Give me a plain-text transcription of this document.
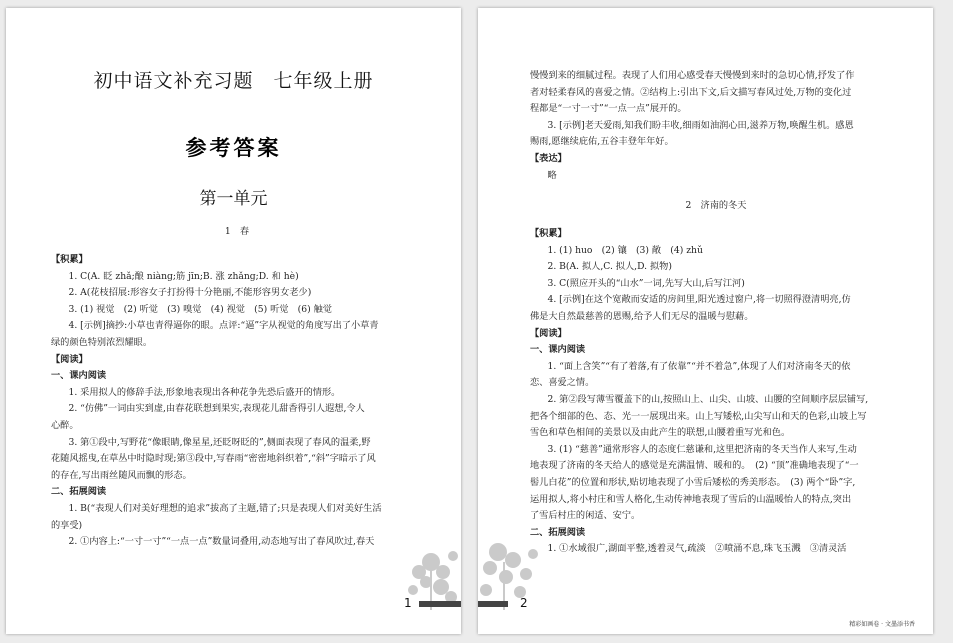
初中语文补充习题　七年级上册
参考答案
第一单元

1　春

【积累】

1. C(A. 眨 zhǎ;酿 niàng;筋 jīn;B. 涨 zhǎng;D. 和 hè)

2. A(花枝招展:形容女子打扮得十分艳丽,不能形容男女老少)

3. (1) 视觉　(2) 听觉　(3) 嗅觉　(4) 视觉　(5) 听觉　(6) 触觉

4. [示例]摘抄:小草也青得逼你的眼。点评:“逼”字从视觉的角度写出了小草青

绿的颜色特别浓烈耀眼。

【阅读】

一、课内阅读

1. 采用拟人的修辞手法,形象地表现出各种花争先恐后盛开的情形。

2. “仿佛”一词由实到虚,由春花联想到果实,表现花儿甜香得引人遐想,令人

心醉。

3. 第①段中,写野花“像眼睛,像星星,还眨呀眨的”,侧面表现了春风的温柔,野

花随风摇曳,在草丛中时隐时现;第③段中,写春雨“密密地斜织着”,“斜”字暗示了风

的存在,写出雨丝随风而飘的形态。

二、拓展阅读

1. B(“表现人们对美好理想的追求”拔高了主题,错了;只是表现人们对美好生活

的享受)

2. ①内容上:“一寸一寸”“一点一点”数量词叠用,动态地写出了春风吹过,春天

1

慢慢到来的细腻过程。表现了人们用心感受春天慢慢到来时的急切心情,抒发了作

者对轻柔春风的喜爱之情。②结构上:引出下文,后文描写春风过处,万物的变化过

程都是“一寸一寸”“一点一点”展开的。

3. [示例]老天爱雨,知我们盼丰收,细雨如油润心田,滋养万物,唤醒生机。感恩

赐雨,愿继续庇佑,五谷丰登年年好。

【表达】

略

2　济南的冬天

【积累】

1. (1) huo　(2) 镶　(3) 敞　(4) zhǔ

2. B(A. 拟人,C. 拟人,D. 拟物)

3. C(照应开头的“山水”一词,先写大山,后写江河)

4. [示例]在这个宽敞而安适的房间里,阳光透过窗户,将一切照得澄清明亮,仿

佛是大自然最慈善的恩赐,给予人们无尽的温暖与慰藉。

【阅读】

一、课内阅读

1. “面上含笑”“有了着落,有了依靠”“并不着急”,体现了人们对济南冬天的依

恋、喜爱之情。

2. 第②段写薄雪覆盖下的山,按照山上、山尖、山坡、山腰的空间顺序层层铺写,

把各个细部的色、态、光一一展现出来。山上写矮松,山尖写山和天的色彩,山坡上写

雪色和草色相间的美景以及由此产生的联想,山腰着重写光和色。

3. (1) “慈善”通常形容人的态度仁慈谦和,这里把济南的冬天当作人来写,生动

地表现了济南的冬天给人的感觉是充满温情、暖和的。　(2) “顶”准确地表现了“一

髻儿白花”的位置和形状,贴切地表现了小雪后矮松的秀美形态。　(3) 两个“卧”字,

运用拟人,将小村庄和雪人格化,生动传神地表现了雪后的山温暖怡人的特点,突出

了雪后村庄的闲适、安宁。

二、拓展阅读

1. ①水域很广,湖面平整,透着灵气,疏淡　②喷涌不息,珠飞玉溅　③清灵活

2
精彩如画卷 · 文墨添书香
